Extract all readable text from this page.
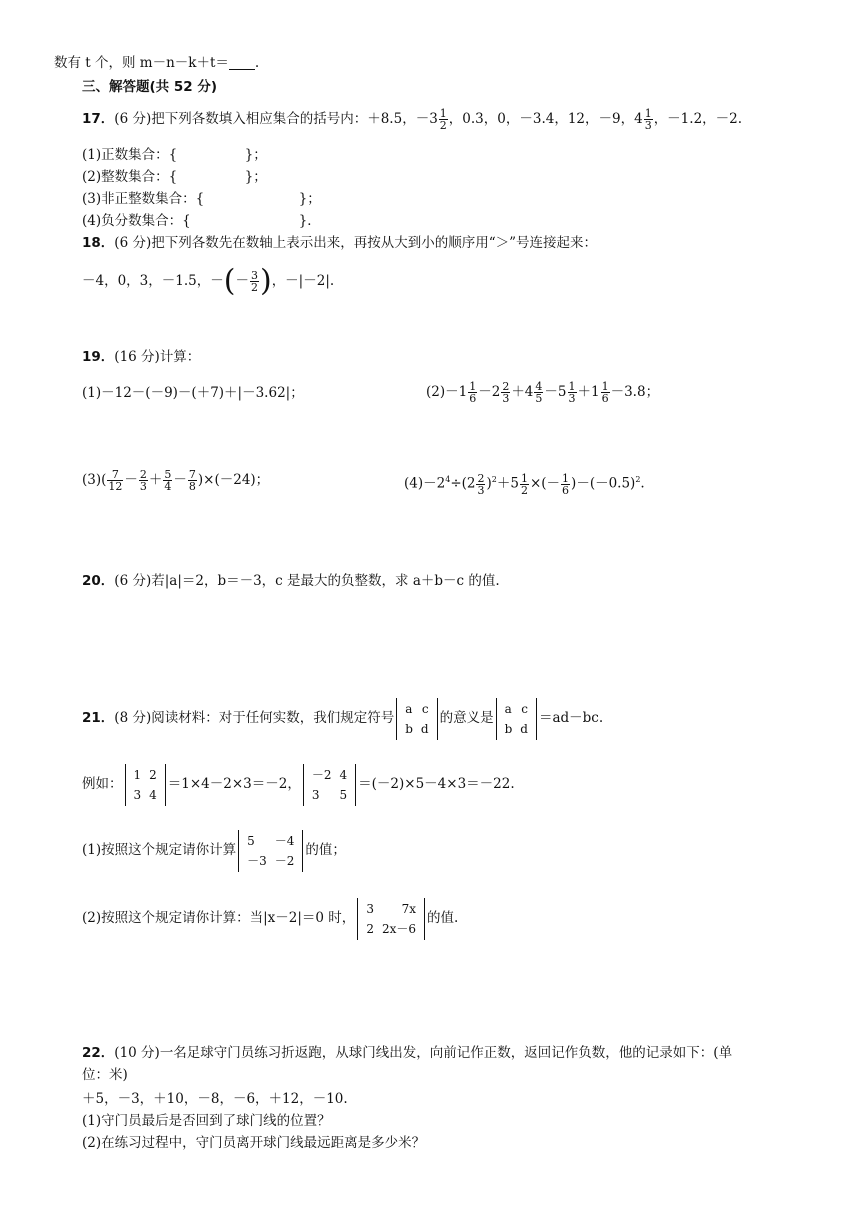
数有 t 个，则 m－n－k＋t＝ .
三、解答题(共 52 分)
17．(6 分)把下列各数填入相应集合的括号内：＋8.5，$-3 \frac{1}{2}$ ，0.3，0，－3.4，12，－9，$4 \frac{1}{3}$ ，－1.2，－2.
(1)正数集合：{　　　　　}；
(2)整数集合：{　　　　　}；
(3)非正整数集合：{　　　　　　　}；
(4)负分数集合：{　　　　　　　　}．
18．(6 分)把下列各数先在数轴上表示出来，再按从大到小的顺序用“＞”号连接起来：
－4，0，3，－1.5，－(－ $\frac{3}{2}$ )，－|－2|.
19．(16 分)计算：
(1)－12－(－9)－(＋7)＋|－3.62|；	$(2)-1 \frac{1}{6} -2 \frac{2}{3} +4 \frac{4}{5} -5 \frac{1}{3} +1 \frac{1}{6} -3.8$；
$(3)( \frac{7}{12} - \frac{2}{3} + \frac{5}{4} - \frac{7}{8} )\times(-24)$；	$(4)-2^4\div(2 \frac{2}{3} )^2+5 \frac{1}{2}$ ×(－ $\frac{1}{6} )-(-0.5)^2$.
20．(6 分)若|a|＝2，b＝－3，c 是最大的负整数，求 a＋b－c 的值.
21．(8 分)阅读材料：对于任何实数，我们规定符号
a	c
b	d
的意义是
a	c
b	d
＝ad－bc.
例如：
1	2
3	4
＝1×4－2×3＝－2，
－2	4
3	5
＝(－2)×5－4×3＝－22.
(1)按照这个规定请你计算
5	－4
－3	－2
的值；
(2)按照这个规定请你计算：当|x－2|＝0 时，
3	7x
2	2x－6
的值.
22．(10 分)一名足球守门员练习折返跑，从球门线出发，向前记作正数，返回记作负数，他的记录如下：(单
位：米)
＋5，－3，＋10，－8，－6，＋12，－10.
(1)守门员最后是否回到了球门线的位置？
(2)在练习过程中，守门员离开球门线最远距离是多少米？
